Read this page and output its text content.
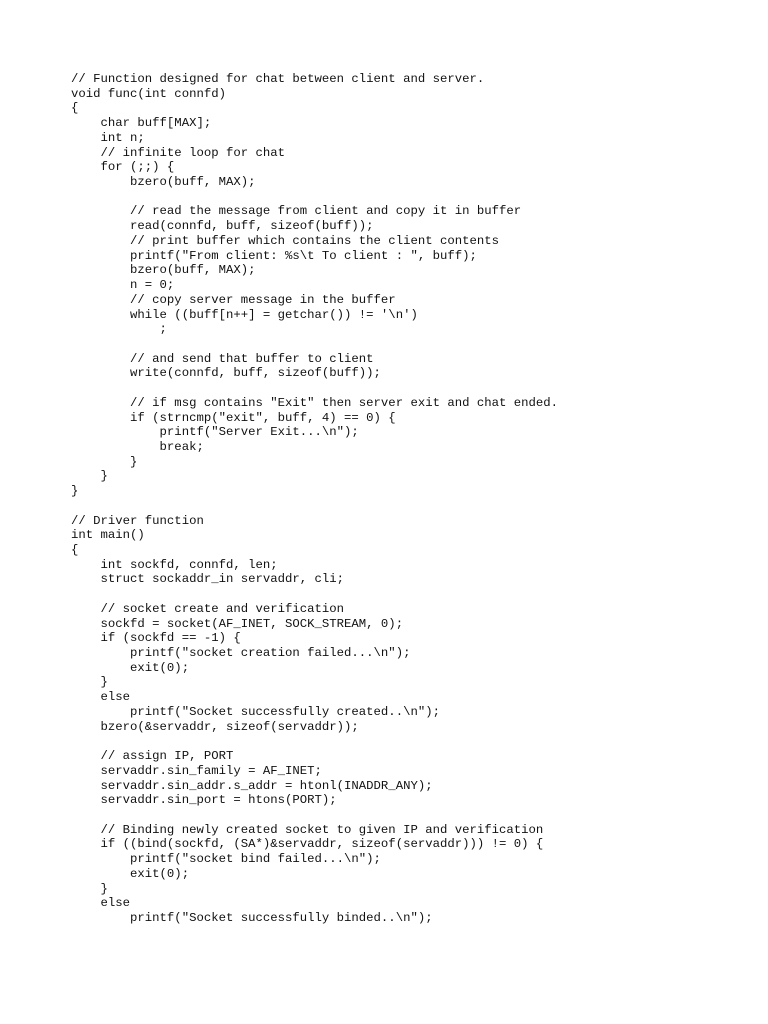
// Function designed for chat between client and server.
void func(int connfd)
{
char buff[MAX];
int n;
// infinite loop for chat
for (;;) {
bzero(buff, MAX);
// read the message from client and copy it in buffer
read(connfd, buff, sizeof(buff));
// print buffer which contains the client contents
printf("From client: %s\t To client : ", buff);
bzero(buff, MAX);
n = 0;
// copy server message in the buffer
while ((buff[n++] = getchar()) != '\n')
;
// and send that buffer to client
write(connfd, buff, sizeof(buff));
// if msg contains "Exit" then server exit and chat ended.
if (strncmp("exit", buff, 4) == 0) {
printf("Server Exit...\n");
break;
}
}
}
// Driver function
int main()
{
int sockfd, connfd, len;
struct sockaddr_in servaddr, cli;
// socket create and verification
sockfd = socket(AF_INET, SOCK_STREAM, 0);
if (sockfd == -1) {
printf("socket creation failed...\n");
exit(0);
}
else
printf("Socket successfully created..\n");
bzero(&servaddr, sizeof(servaddr));
// assign IP, PORT
servaddr.sin_family = AF_INET;
servaddr.sin_addr.s_addr = htonl(INADDR_ANY);
servaddr.sin_port = htons(PORT);
// Binding newly created socket to given IP and verification
if ((bind(sockfd, (SA*)&servaddr, sizeof(servaddr))) != 0) {
printf("socket bind failed...\n");
exit(0);
}
else
printf("Socket successfully binded..\n");
